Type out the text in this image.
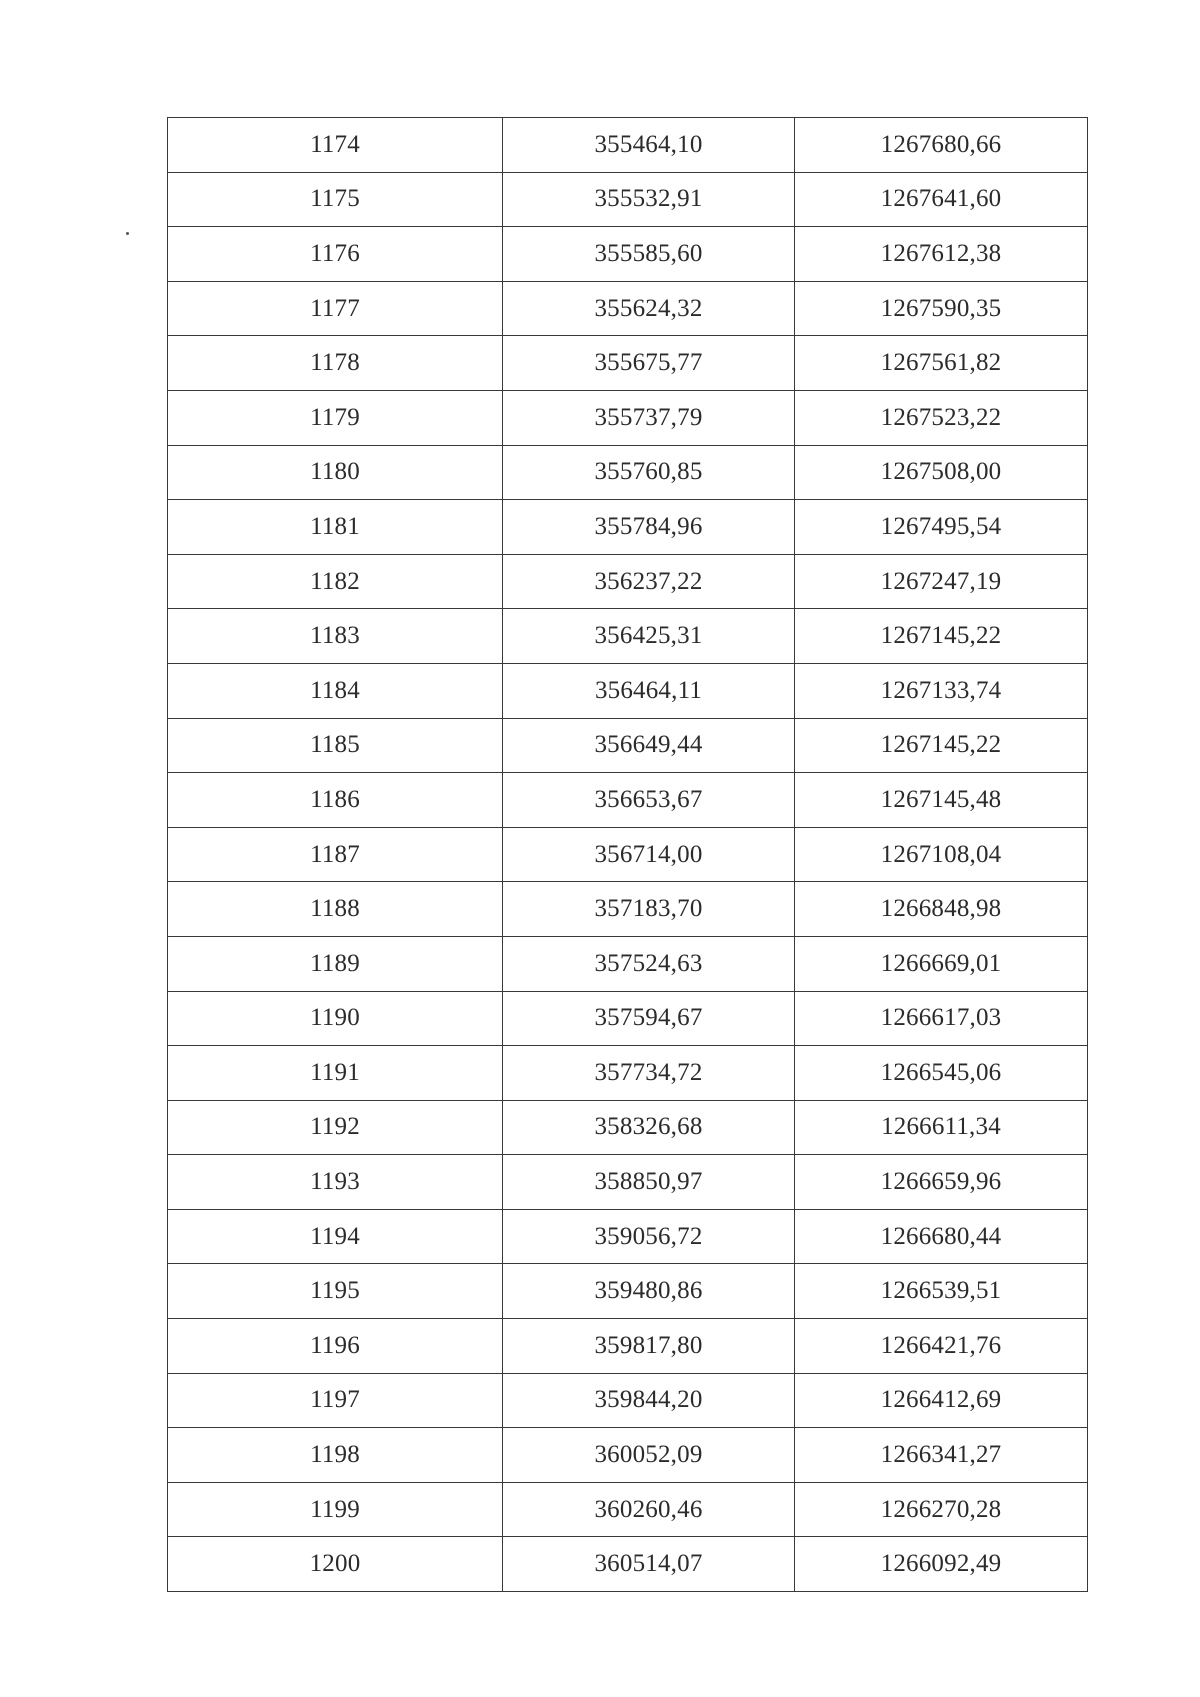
1174	355464,10	1267680,66
1175	355532,91	1267641,60
1176	355585,60	1267612,38
1177	355624,32	1267590,35
1178	355675,77	1267561,82
1179	355737,79	1267523,22
1180	355760,85	1267508,00
1181	355784,96	1267495,54
1182	356237,22	1267247,19
1183	356425,31	1267145,22
1184	356464,11	1267133,74
1185	356649,44	1267145,22
1186	356653,67	1267145,48
1187	356714,00	1267108,04
1188	357183,70	1266848,98
1189	357524,63	1266669,01
1190	357594,67	1266617,03
1191	357734,72	1266545,06
1192	358326,68	1266611,34
1193	358850,97	1266659,96
1194	359056,72	1266680,44
1195	359480,86	1266539,51
1196	359817,80	1266421,76
1197	359844,20	1266412,69
1198	360052,09	1266341,27
1199	360260,46	1266270,28
1200	360514,07	1266092,49
